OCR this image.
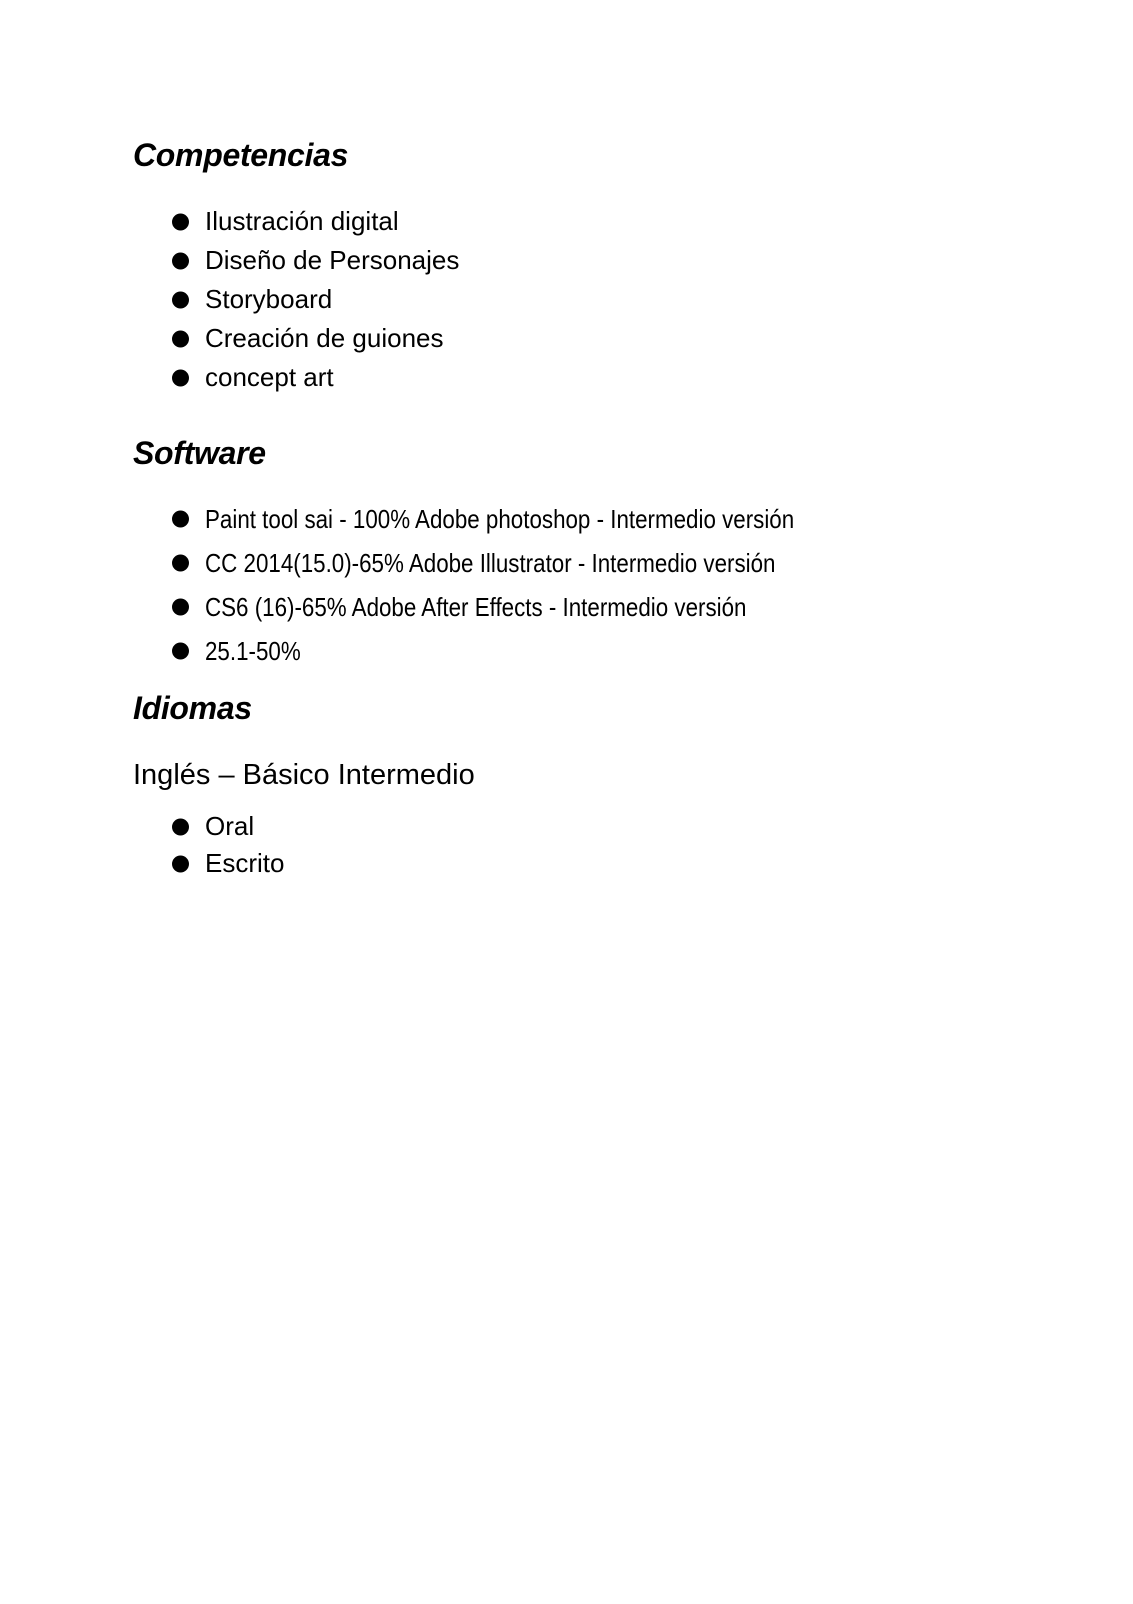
Competencias
Ilustración digital
Diseño de Personajes
Storyboard
Creación de guiones
concept art
Software
Paint tool sai - 100% Adobe photoshop - Intermedio versión
CC 2014(15.0)-65% Adobe Illustrator - Intermedio versión
CS6 (16)-65% Adobe After Effects - Intermedio versión
25.1-50%
Idiomas

Inglés – Básico Intermedio

Oral
Escrito
